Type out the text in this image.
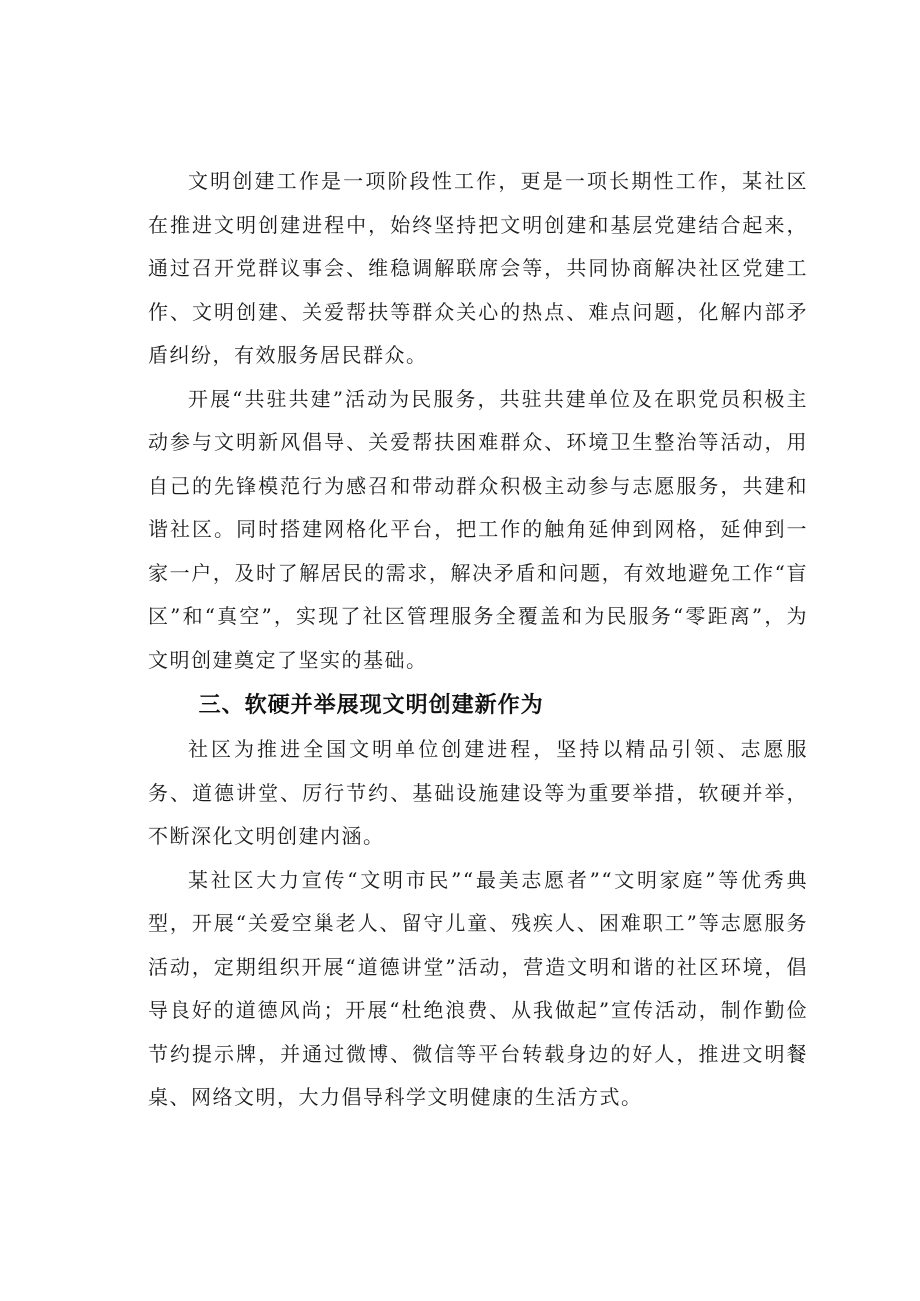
文明创建工作是一项阶段性工作，更是一项长期性工作，某社区在推进文明创建进程中，始终坚持把文明创建和基层党建结合起来，通过召开党群议事会、维稳调解联席会等，共同协商解决社区党建工作、文明创建、关爱帮扶等群众关心的热点、难点问题，化解内部矛盾纠纷，有效服务居民群众。

开展“共驻共建”活动为民服务，共驻共建单位及在职党员积极主动参与文明新风倡导、关爱帮扶困难群众、环境卫生整治等活动，用自己的先锋模范行为感召和带动群众积极主动参与志愿服务，共建和谐社区。同时搭建网格化平台，把工作的触角延伸到网格，延伸到一家一户，及时了解居民的需求，解决矛盾和问题，有效地避免工作“盲区”和“真空”，实现了社区管理服务全覆盖和为民服务“零距离”，为文明创建奠定了坚实的基础。

三、软硬并举展现文明创建新作为

社区为推进全国文明单位创建进程，坚持以精品引领、志愿服务、道德讲堂、厉行节约、基础设施建设等为重要举措，软硬并举，不断深化文明创建内涵。

某社区大力宣传“文明市民”“最美志愿者”“文明家庭”等优秀典型，开展“关爱空巢老人、留守儿童、残疾人、困难职工”等志愿服务活动，定期组织开展“道德讲堂”活动，营造文明和谐的社区环境，倡导良好的道德风尚；开展“杜绝浪费、从我做起”宣传活动，制作勤俭节约提示牌，并通过微博、微信等平台转载身边的好人，推进文明餐桌、网络文明，大力倡导科学文明健康的生活方式。
